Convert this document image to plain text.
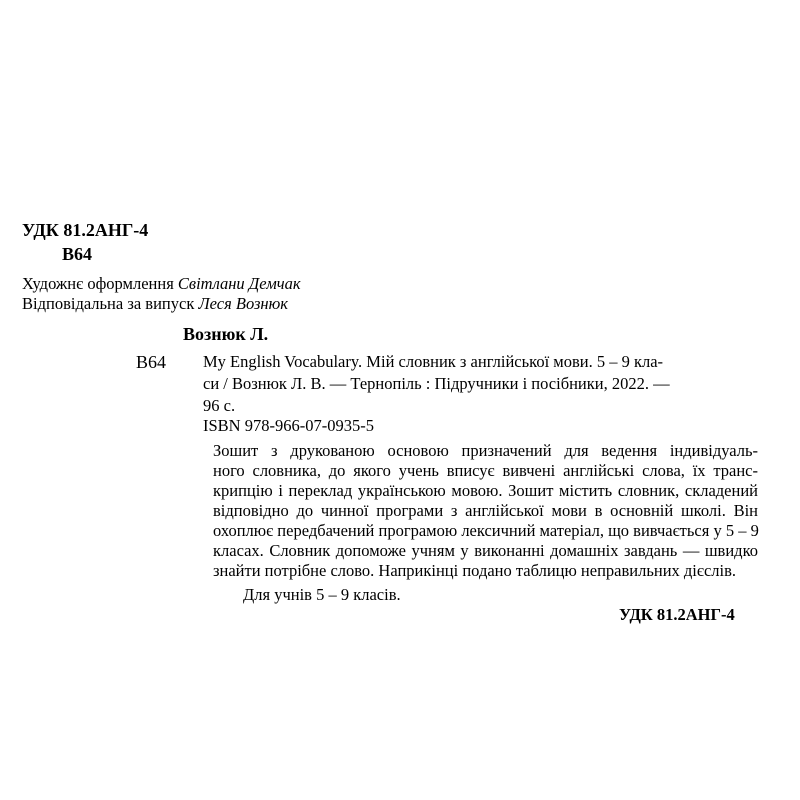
УДК 81.2АНГ-4
В64
Художнє оформлення Світлани Демчак
Відповідальна за випуск Леся Вознюк
Вознюк Л.
В64 My English Vocabulary. Мій словник з англійської мови. 5 – 9 кла-
си / Вознюк Л. В. — Тернопіль : Підручники і посібники, 2022. —
96 с.
ISBN 978-966-07-0935-5
Зошит з друкованою основою призначений для ведення індивідуаль-
ного словника, до якого учень вписує вивчені англійські слова, їх транс-
крипцію і переклад українською мовою. Зошит містить словник, складений
відповідно до чинної програми з англійської мови в основній школі. Він
охоплює передбачений програмою лексичний матеріал, що вивчається у 5 – 9
класах. Словник допоможе учням у виконанні домашніх завдань — швидко
знайти потрібне слово. Наприкінці подано таблицю неправильних дієслів.
Для учнів 5 – 9 класів.
УДК 81.2АНГ-4
